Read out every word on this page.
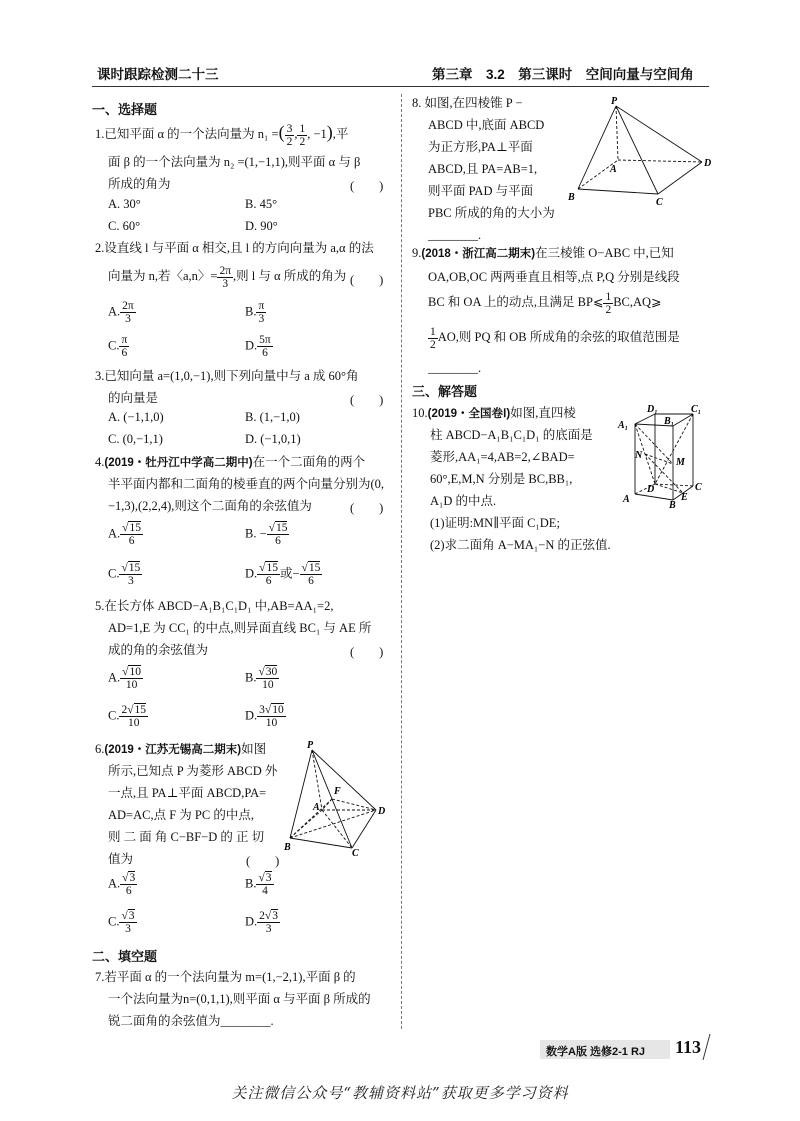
课时跟踪检测二十三	第三章　3.2　第三课时　空间向量与空间角
一、选择题
1.已知平面 α 的一个法向量为 n₁ =( $\frac{3}{2}$ , $\frac{1}{2}$ , −1),平
面 β 的一个法向量为 n₂ =(1,−1,1),则平面 α 与 β
所成的角为	(　　)
A. 30°	B. 45°
C. 60°	D. 90°
2.设直线 l 与平面 α 相交,且 l 的方向向量为 a,α 的法
向量为 n,若〈a,n〉= $\frac{2\pi}{3}$ ,则 l 与 α 所成的角为 (　　)
A. $\frac{2\pi}{3}$	B. $\frac{\pi}{3}$
C. $\frac{\pi}{6}$	D. $\frac{5\pi}{6}$
3.已知向量 a=(1,0,−1),则下列向量中与 a 成 60°角
的向量是	(　　)
A. (−1,1,0)	B. (1,−1,0)
C. (0,−1,1)	D. (−1,0,1)
4.(2019・牡丹江中学高二期中)在一个二面角的两个
半平面内都和二面角的棱垂直的两个向量分别为(0,
−1,3),(2,2,4),则这个二面角的余弦值为	(　　)
A. $\frac{√15}{6}$	B. − $\frac{√15}{6}$
C. $\frac{√15}{3}$	D. $\frac{√15}{6}$ 或− $\frac{√15}{6}$
5.在长方体 ABCD−A₁B₁C₁D₁ 中,AB=AA₁=2,
AD=1,E 为 CC₁ 的中点,则异面直线 BC₁ 与 AE 所
成的角的余弦值为	(　　)
A. $\frac{√10}{10}$	B. $\frac{√30}{10}$
C. $\frac{2√15}{10}$	D. $\frac{3√10}{10}$
6.(2019・江苏无锡高二期末)如图
所示,已知点 P 为菱形 ABCD 外
一点,且 PA⊥平面 ABCD,PA=
AD=AC,点 F 为 PC 的中点,
则 二 面 角 C−BF−D 的 正 切
值为	(　　)
P
A
F
D
B
C
A. $\frac{√3}{6}$	B. $\frac{√3}{4}$
C. $\frac{√3}{3}$	D. $\frac{2√3}{3}$
二、填空题
7.若平面 α 的一个法向量为 m=(1,−2,1),平面 β 的
一个法向量为n=(0,1,1),则平面 α 与平面 β 所成的
锐二面角的余弦值为________.
8. 如图,在四棱锥 P −
ABCD 中,底面 ABCD
为正方形,PA⊥平面
ABCD,且 PA=AB=1,
则平面 PAD 与平面
PBC 所成的角的大小为
________.
P
A
D
B	C
9.(2018・浙江高二期末)在三棱锥 O−ABC 中,已知
OA,OB,OC 两两垂直且相等,点 P,Q 分别是线段
BC 和 OA 上的动点,且满足 BP⩽ $\frac{1}{2}$ BC,AQ⩾
$\frac{1}{2}$ AO,则 PQ 和 OB 所成角的余弦的取值范围是
________.
三、解答题
10.(2019・全国卷Ⅰ)如图,直四棱
柱 ABCD−A₁B₁C₁D₁ 的底面是
菱形,AA₁=4,AB=2,∠BAD=
60°,E,M,N 分别是 BC,BB₁,
A₁D 的中点.
(1)证明:MN∥平面 C₁DE;
(2)求二面角 A−MA₁−N 的正弦值.
D₁	C₁
A₁	B₁
N
M
D	C
E
A
B
数学A版 选修2-1 RJ 113
关注微信公众号“教辅资料站”获取更多学习资料
